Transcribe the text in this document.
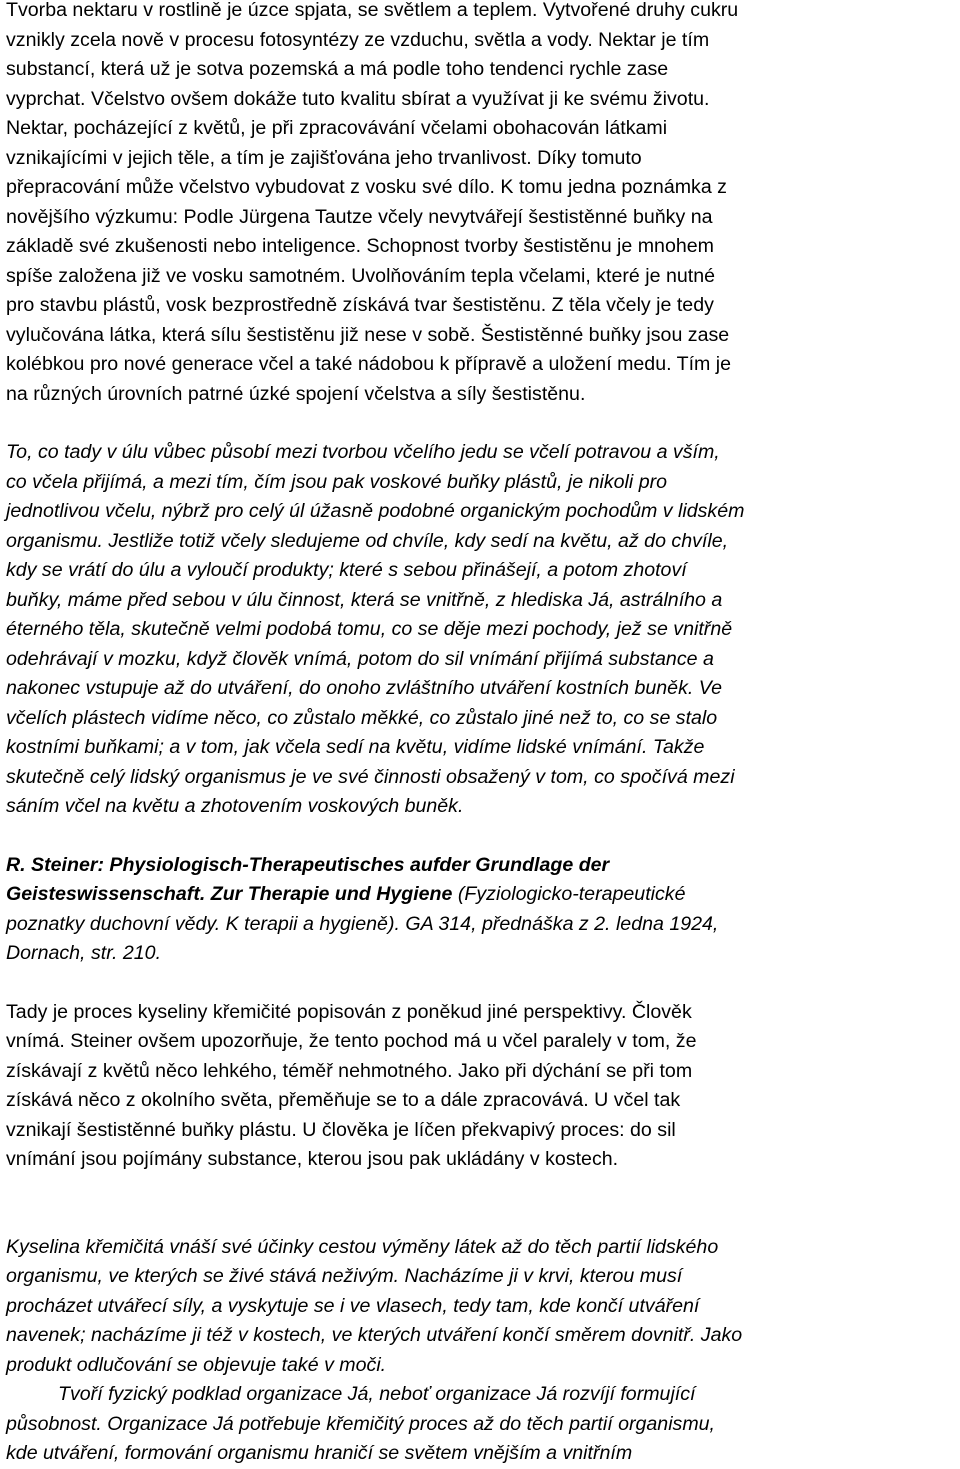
Tvorba nektaru v rostlině je úzce spjata, se světlem a teplem. Vytvořené druhy cukru
vznikly zcela nově v procesu fotosyntézy ze vzduchu, světla a vody. Nektar je tím
substancí, která už je sotva pozemská a má podle toho tendenci rychle zase
vyprchat. Včelstvo ovšem dokáže tuto kvalitu sbírat a využívat ji ke svému životu.
Nektar, pocházející z květů, je při zpracovávání včelami obohacován látkami
vznikajícími v jejich těle, a tím je zajišťována jeho trvanlivost. Díky tomuto
přepracování může včelstvo vybudovat z vosku své dílo. K tomu jedna poznámka z
novějšího výzkumu: Podle Jürgena Tautze včely nevytvářejí šestistěnné buňky na
základě své zkušenosti nebo inteligence. Schopnost tvorby šestistěnu je mnohem
spíše založena již ve vosku samotném. Uvolňováním tepla včelami, které je nutné
pro stavbu plástů, vosk bezprostředně získává tvar šestistěnu. Z těla včely je tedy
vylučována látka, která sílu šestistěnu již nese v sobě. Šestistěnné buňky jsou zase
kolébkou pro nové generace včel a také nádobou k přípravě a uložení medu. Tím je
na různých úrovních patrné úzké spojení včelstva a síly šestistěnu.

To, co tady v úlu vůbec působí mezi tvorbou včelího jedu se včelí potravou a vším,
co včela přijímá, a mezi tím, čím jsou pak voskové buňky plástů, je nikoli pro
jednotlivou včelu, nýbrž pro celý úl úžasně podobné organickým pochodům v lidském
organismu. Jestliže totiž včely sledujeme od chvíle, kdy sedí na květu, až do chvíle,
kdy se vrátí do úlu a vyloučí produkty; které s sebou přinášejí, a potom zhotoví
buňky, máme před sebou v úlu činnost, která se vnitřně, z hlediska Já, astrálního a
éterného těla, skutečně velmi podobá tomu, co se děje mezi pochody, jež se vnitřně
odehrávají v mozku, když člověk vnímá, potom do sil vnímání přijímá substance a
nakonec vstupuje až do utváření, do onoho zvláštního utváření kostních buněk. Ve
včelích plástech vidíme něco, co zůstalo měkké, co zůstalo jiné než to, co se stalo
kostními buňkami; a v tom, jak včela sedí na květu, vidíme lidské vnímání. Takže
skutečně celý lidský organismus je ve své činnosti obsažený v tom, co spočívá mezi
sáním včel na květu a zhotovením voskových buněk.

R. Steiner: Physiologisch-Therapeutisches aufder Grundlage der
Geisteswissenschaft. Zur Therapie und Hygiene (Fyziologicko-terapeutické
poznatky duchovní vědy. K terapii a hygieně). GA 314, přednáška z 2. ledna 1924,
Dornach, str. 210.

Tady je proces kyseliny křemičité popisován z poněkud jiné perspektivy. Člověk
vnímá. Steiner ovšem upozorňuje, že tento pochod má u včel paralely v tom, že
získávají z květů něco lehkého, téměř nehmotného. Jako při dýchání se při tom
získává něco z okolního světa, přeměňuje se to a dále zpracovává. U včel tak
vznikají šestistěnné buňky plástu. U člověka je líčen překvapivý proces: do sil
vnímání jsou pojímány substance, kterou jsou pak ukládány v kostech.

Kyselina křemičitá vnáší své účinky cestou výměny látek až do těch partií lidského
organismu, ve kterých se živé stává neživým. Nacházíme ji v krvi, kterou musí
procházet utvářecí síly, a vyskytuje se i ve vlasech, tedy tam, kde končí utváření
navenek; nacházíme ji též v kostech, ve kterých utváření končí směrem dovnitř. Jako
produkt odlučování se objevuje také v moči.

Tvoří fyzický podklad organizace Já, neboť organizace Já rozvíjí formující
působnost. Organizace Já potřebuje křemičitý proces až do těch partií organismu,
kde utváření, formování organismu hraničí se světem vnějším a vnitřním
